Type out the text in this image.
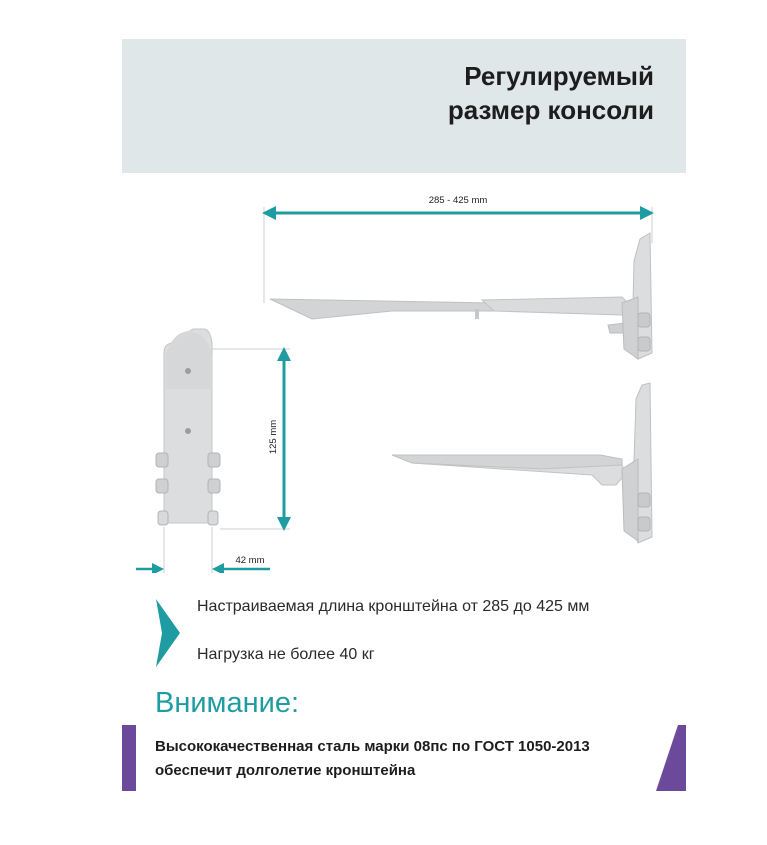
Регулируемый
размер консоли
285 - 425 mm
125 mm
42 mm
Настраиваемая длина кронштейна от 285 до 425 мм
Нагрузка не более 40 кг
Внимание:
Высококачественная сталь марки 08пс по ГОСТ 1050-2013
обеспечит долголетие кронштейна
